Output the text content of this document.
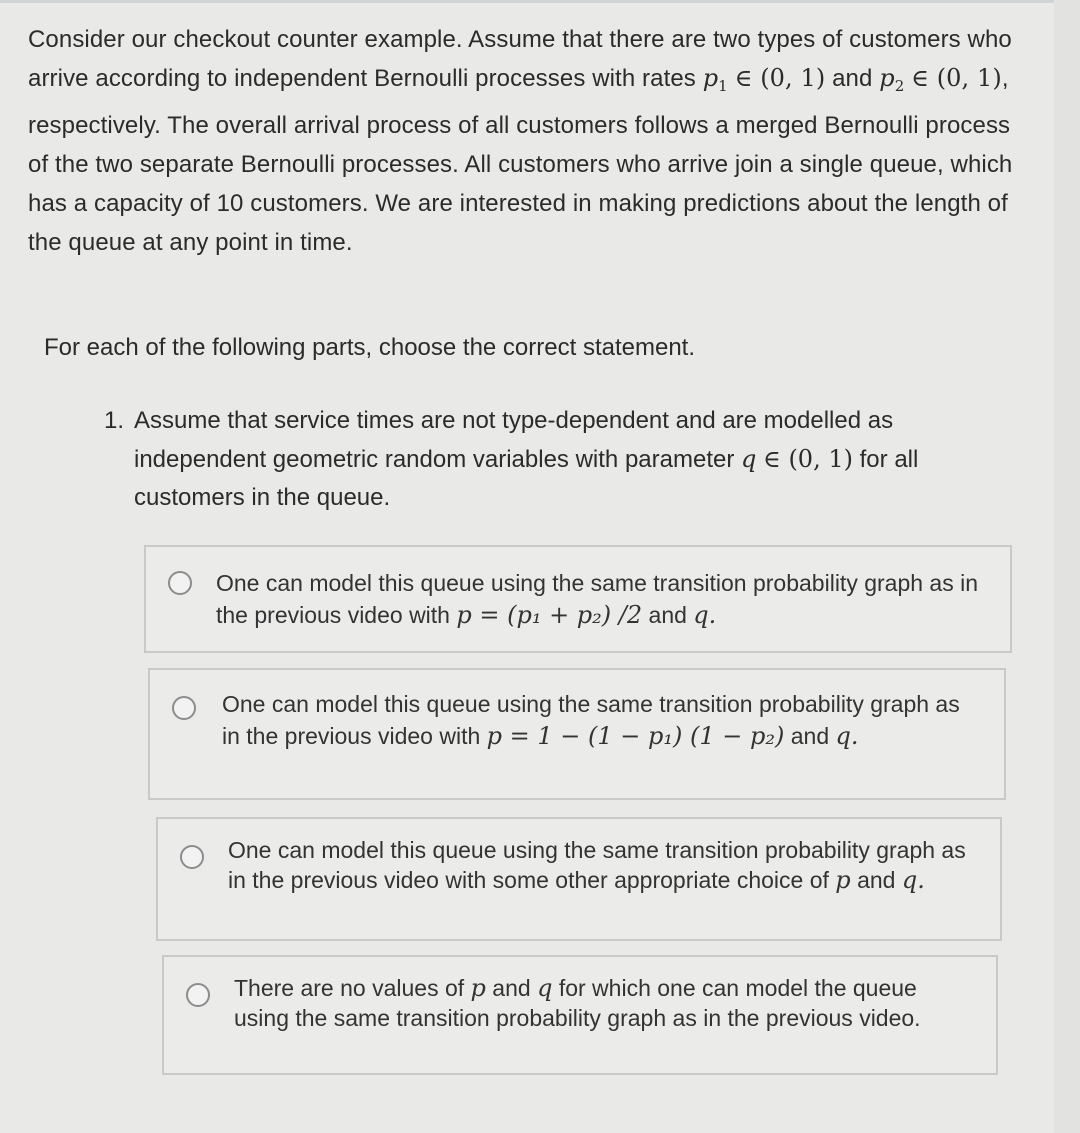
Consider our checkout counter example. Assume that there are two types of customers who arrive according to independent Bernoulli processes with rates $p_1$ ∈ (0, 1) and $p_2$ ∈ (0, 1), respectively. The overall arrival process of all customers follows a merged Bernoulli process of the two separate Bernoulli processes. All customers who arrive join a single queue, which has a capacity of 10 customers. We are interested in making predictions about the length of the queue at any point in time.
For each of the following parts, choose the correct statement.
1. Assume that service times are not type-dependent and are modelled as independent geometric random variables with parameter q ∈ (0, 1) for all customers in the queue.
One can model this queue using the same transition probability graph as in the previous video with p = (p₁ + p₂) /2 and q.
One can model this queue using the same transition probability graph as in the previous video with p = 1 − (1 − p₁) (1 − p₂) and q.
One can model this queue using the same transition probability graph as in the previous video with some other appropriate choice of p and q.
There are no values of p and q for which one can model the queue using the same transition probability graph as in the previous video.
